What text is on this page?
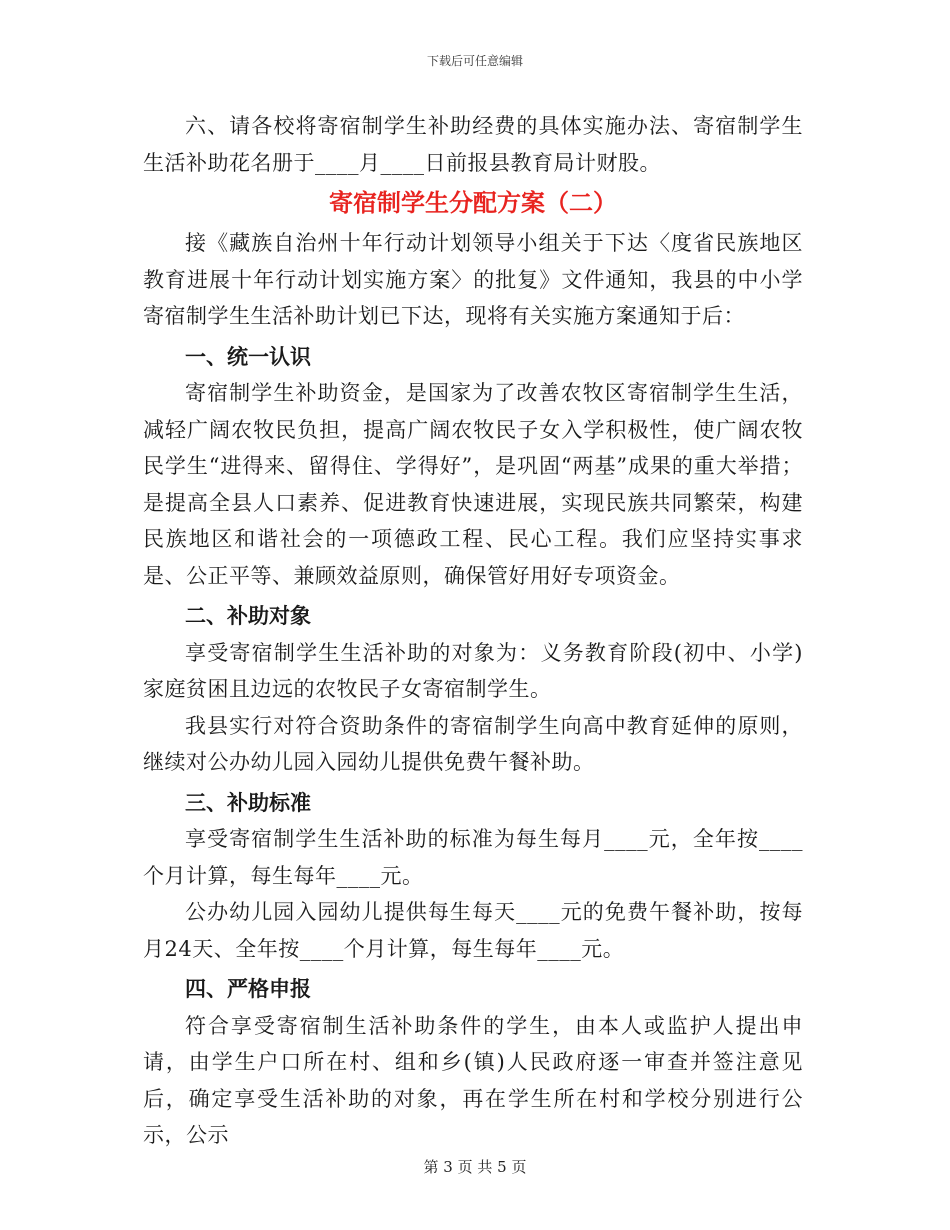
下载后可任意编辑

六、请各校将寄宿制学生补助经费的具体实施办法、寄宿制学生生活补助花名册于____月____日前报县教育局计财股。

寄宿制学生分配方案（二）

接《藏族自治州十年行动计划领导小组关于下达〈度省民族地区教育进展十年行动计划实施方案〉的批复》文件通知，我县的中小学寄宿制学生生活补助计划已下达，现将有关实施方案通知于后：

一、统一认识

寄宿制学生补助资金，是国家为了改善农牧区寄宿制学生生活，减轻广阔农牧民负担，提高广阔农牧民子女入学积极性，使广阔农牧民学生“进得来、留得住、学得好”，是巩固“两基”成果的重大举措；是提高全县人口素养、促进教育快速进展，实现民族共同繁荣，构建民族地区和谐社会的一项德政工程、民心工程。我们应坚持实事求是、公正平等、兼顾效益原则，确保管好用好专项资金。

二、补助对象

享受寄宿制学生生活补助的对象为：义务教育阶段(初中、小学)家庭贫困且边远的农牧民子女寄宿制学生。

我县实行对符合资助条件的寄宿制学生向高中教育延伸的原则，继续对公办幼儿园入园幼儿提供免费午餐补助。

三、补助标准

享受寄宿制学生生活补助的标准为每生每月____元，全年按____个月计算，每生每年____元。

公办幼儿园入园幼儿提供每生每天____元的免费午餐补助，按每月24天、全年按____个月计算，每生每年____元。

四、严格申报

符合享受寄宿制生活补助条件的学生，由本人或监护人提出申请，由学生户口所在村、组和乡(镇)人民政府逐一审查并签注意见后，确定享受生活补助的对象，再在学生所在村和学校分别进行公示，公示

第 3 页 共 5 页
